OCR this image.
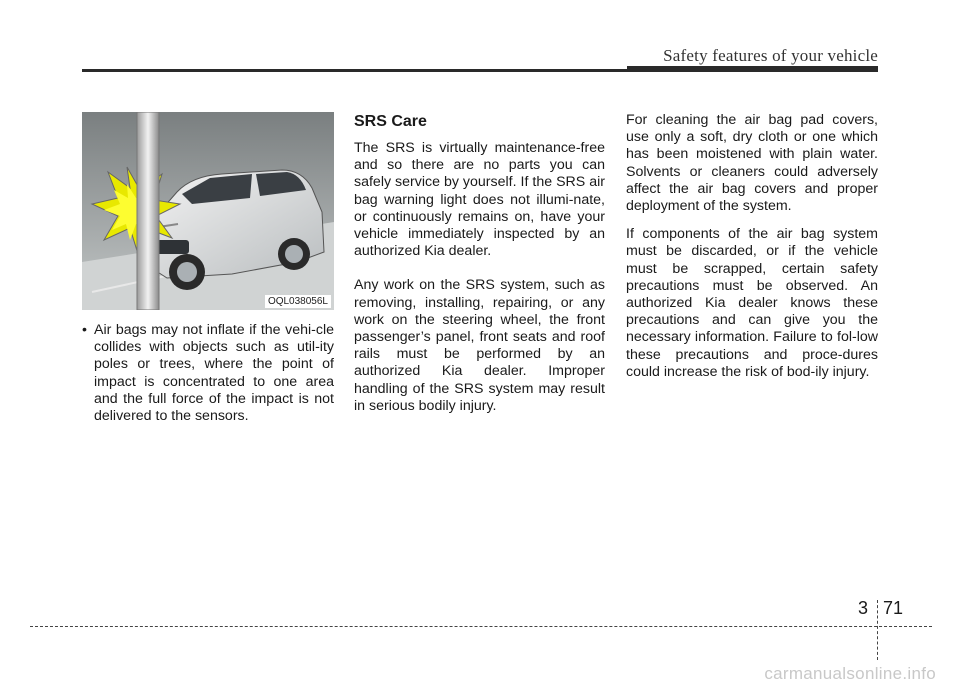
Safety features of your vehicle
OQL038056L
• Air bags may not inflate if the vehi-cle collides with objects such as util-ity poles or trees, where the point of impact is concentrated to one area and the full force of the impact is not delivered to the sensors.
SRS Care

The SRS is virtually maintenance-free and so there are no parts you can safely service by yourself. If the SRS air bag warning light does not illumi-nate, or continuously remains on, have your vehicle immediately inspected by an authorized Kia dealer.

Any work on the SRS system, such as removing, installing, repairing, or any work on the steering wheel, the front passenger’s panel, front seats and roof rails must be performed by an authorized Kia dealer. Improper handling of the SRS system may result in serious bodily injury.

For cleaning the air bag pad covers, use only a soft, dry cloth or one which has been moistened with plain water. Solvents or cleaners could adversely affect the air bag covers and proper deployment of the system.

If components of the air bag system must be discarded, or if the vehicle must be scrapped, certain safety precautions must be observed. An authorized Kia dealer knows these precautions and can give you the necessary information. Failure to fol-low these precautions and proce-dures could increase the risk of bod-ily injury.

3 71
carmanualsonline.info
